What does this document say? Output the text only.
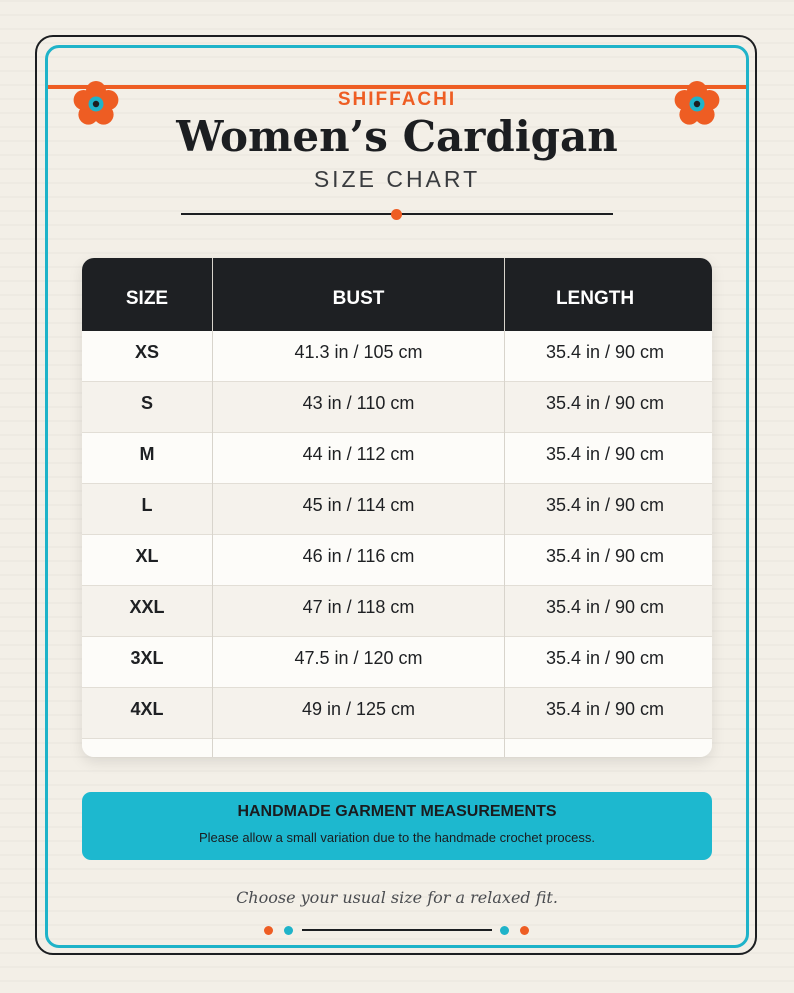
SHIFFACHI
Women’s Cardigan
SIZE CHART
SIZE	BUST	LENGTH
XS	41.3 in / 105 cm	35.4 in / 90 cm
S	43 in / 110 cm	35.4 in / 90 cm
M	44 in / 112 cm	35.4 in / 90 cm
L	45 in / 114 cm	35.4 in / 90 cm
XL	46 in / 116 cm	35.4 in / 90 cm
XXL	47 in / 118 cm	35.4 in / 90 cm
3XL	47.5 in / 120 cm	35.4 in / 90 cm
4XL	49 in / 125 cm	35.4 in / 90 cm
HANDMADE GARMENT MEASUREMENTS
Please allow a small variation due to the handmade crochet process.
Choose your usual size for a relaxed fit.
